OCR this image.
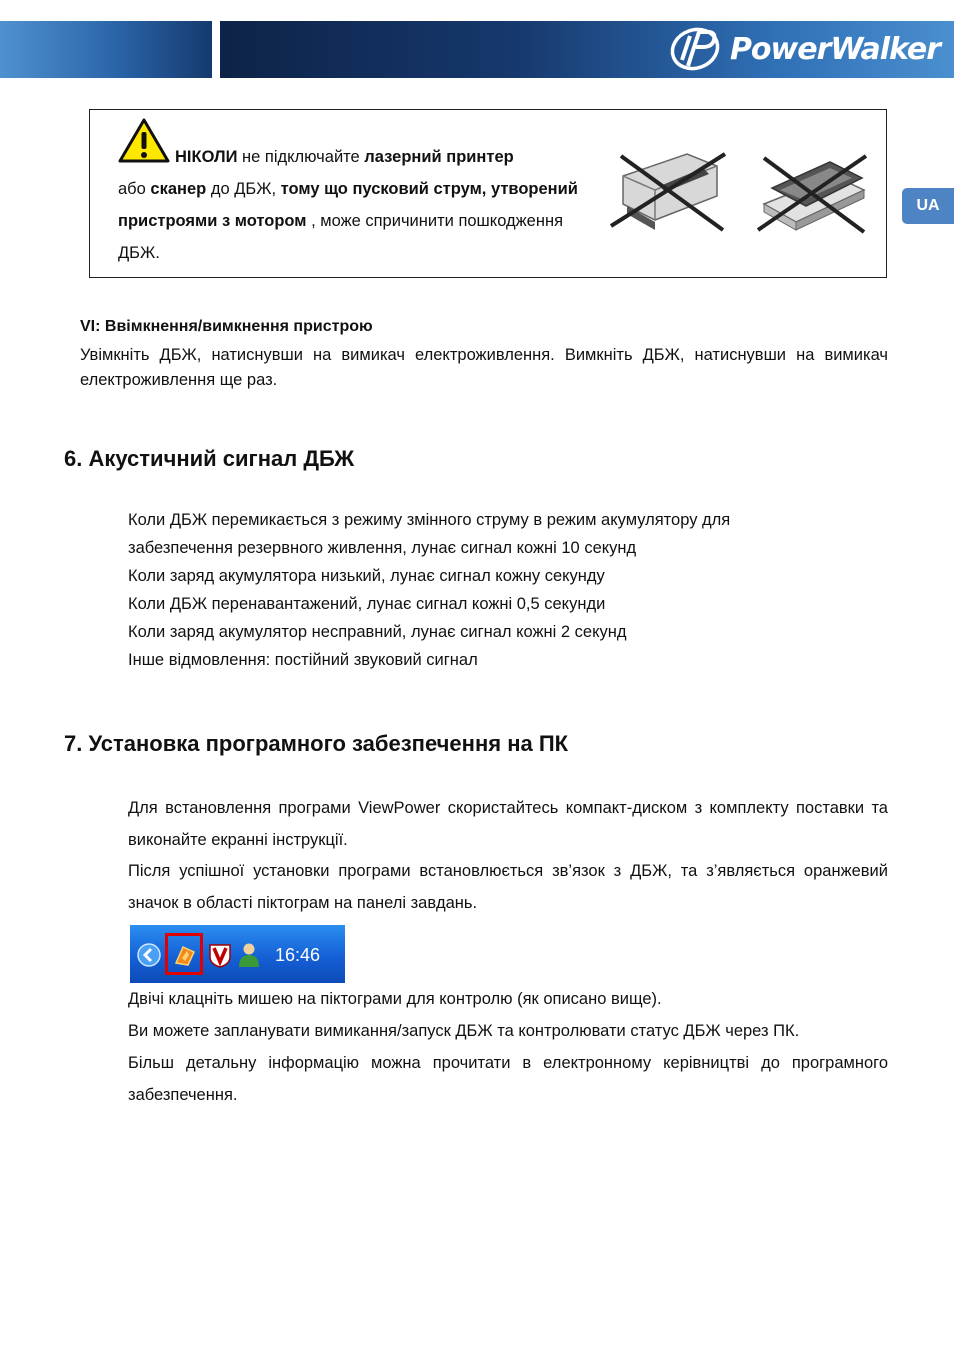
PowerWalker
UA
НІКОЛИ не підключайте лазерний принтер
або сканер до ДБЖ, тому що пусковий струм, утворений пристроями з мотором , може спричинити пошкодження ДБЖ.
VI: Ввімкнення/вимкнення пристрою
Увімкніть ДБЖ, натиснувши на вимикач електроживлення. Вимкніть ДБЖ, натиснувши на вимикач електроживлення ще раз.
6. Акустичний сигнал ДБЖ
Коли ДБЖ перемикається з режиму змінного струму в режим акумулятору для
забезпечення резервного живлення, лунає сигнал кожні 10 секунд
Коли заряд акумулятора низький, лунає сигнал кожну секунду
Коли ДБЖ перенавантажений, лунає сигнал кожні 0,5 секунди
Коли заряд акумулятор несправний, лунає сигнал кожні 2 секунд
Інше відмовлення: постійний звуковий сигнал
7. Установка програмного забезпечення на ПК
Для встановлення програми ViewPower скористайтесь компакт-диском з комплекту поставки та виконайте екранні інструкції.
Після успішної установки програми встановлюється зв’язок з ДБЖ, та з’являється оранжевий значок в області піктограм на панелі завдань.
16:46
Двічі клацніть мишею на піктограми для контролю (як описано вище).
Ви можете запланувати вимикання/запуск ДБЖ та контролювати статус ДБЖ через ПК.
Більш детальну інформацію можна прочитати в електронному керівництві до програмного забезпечення.
